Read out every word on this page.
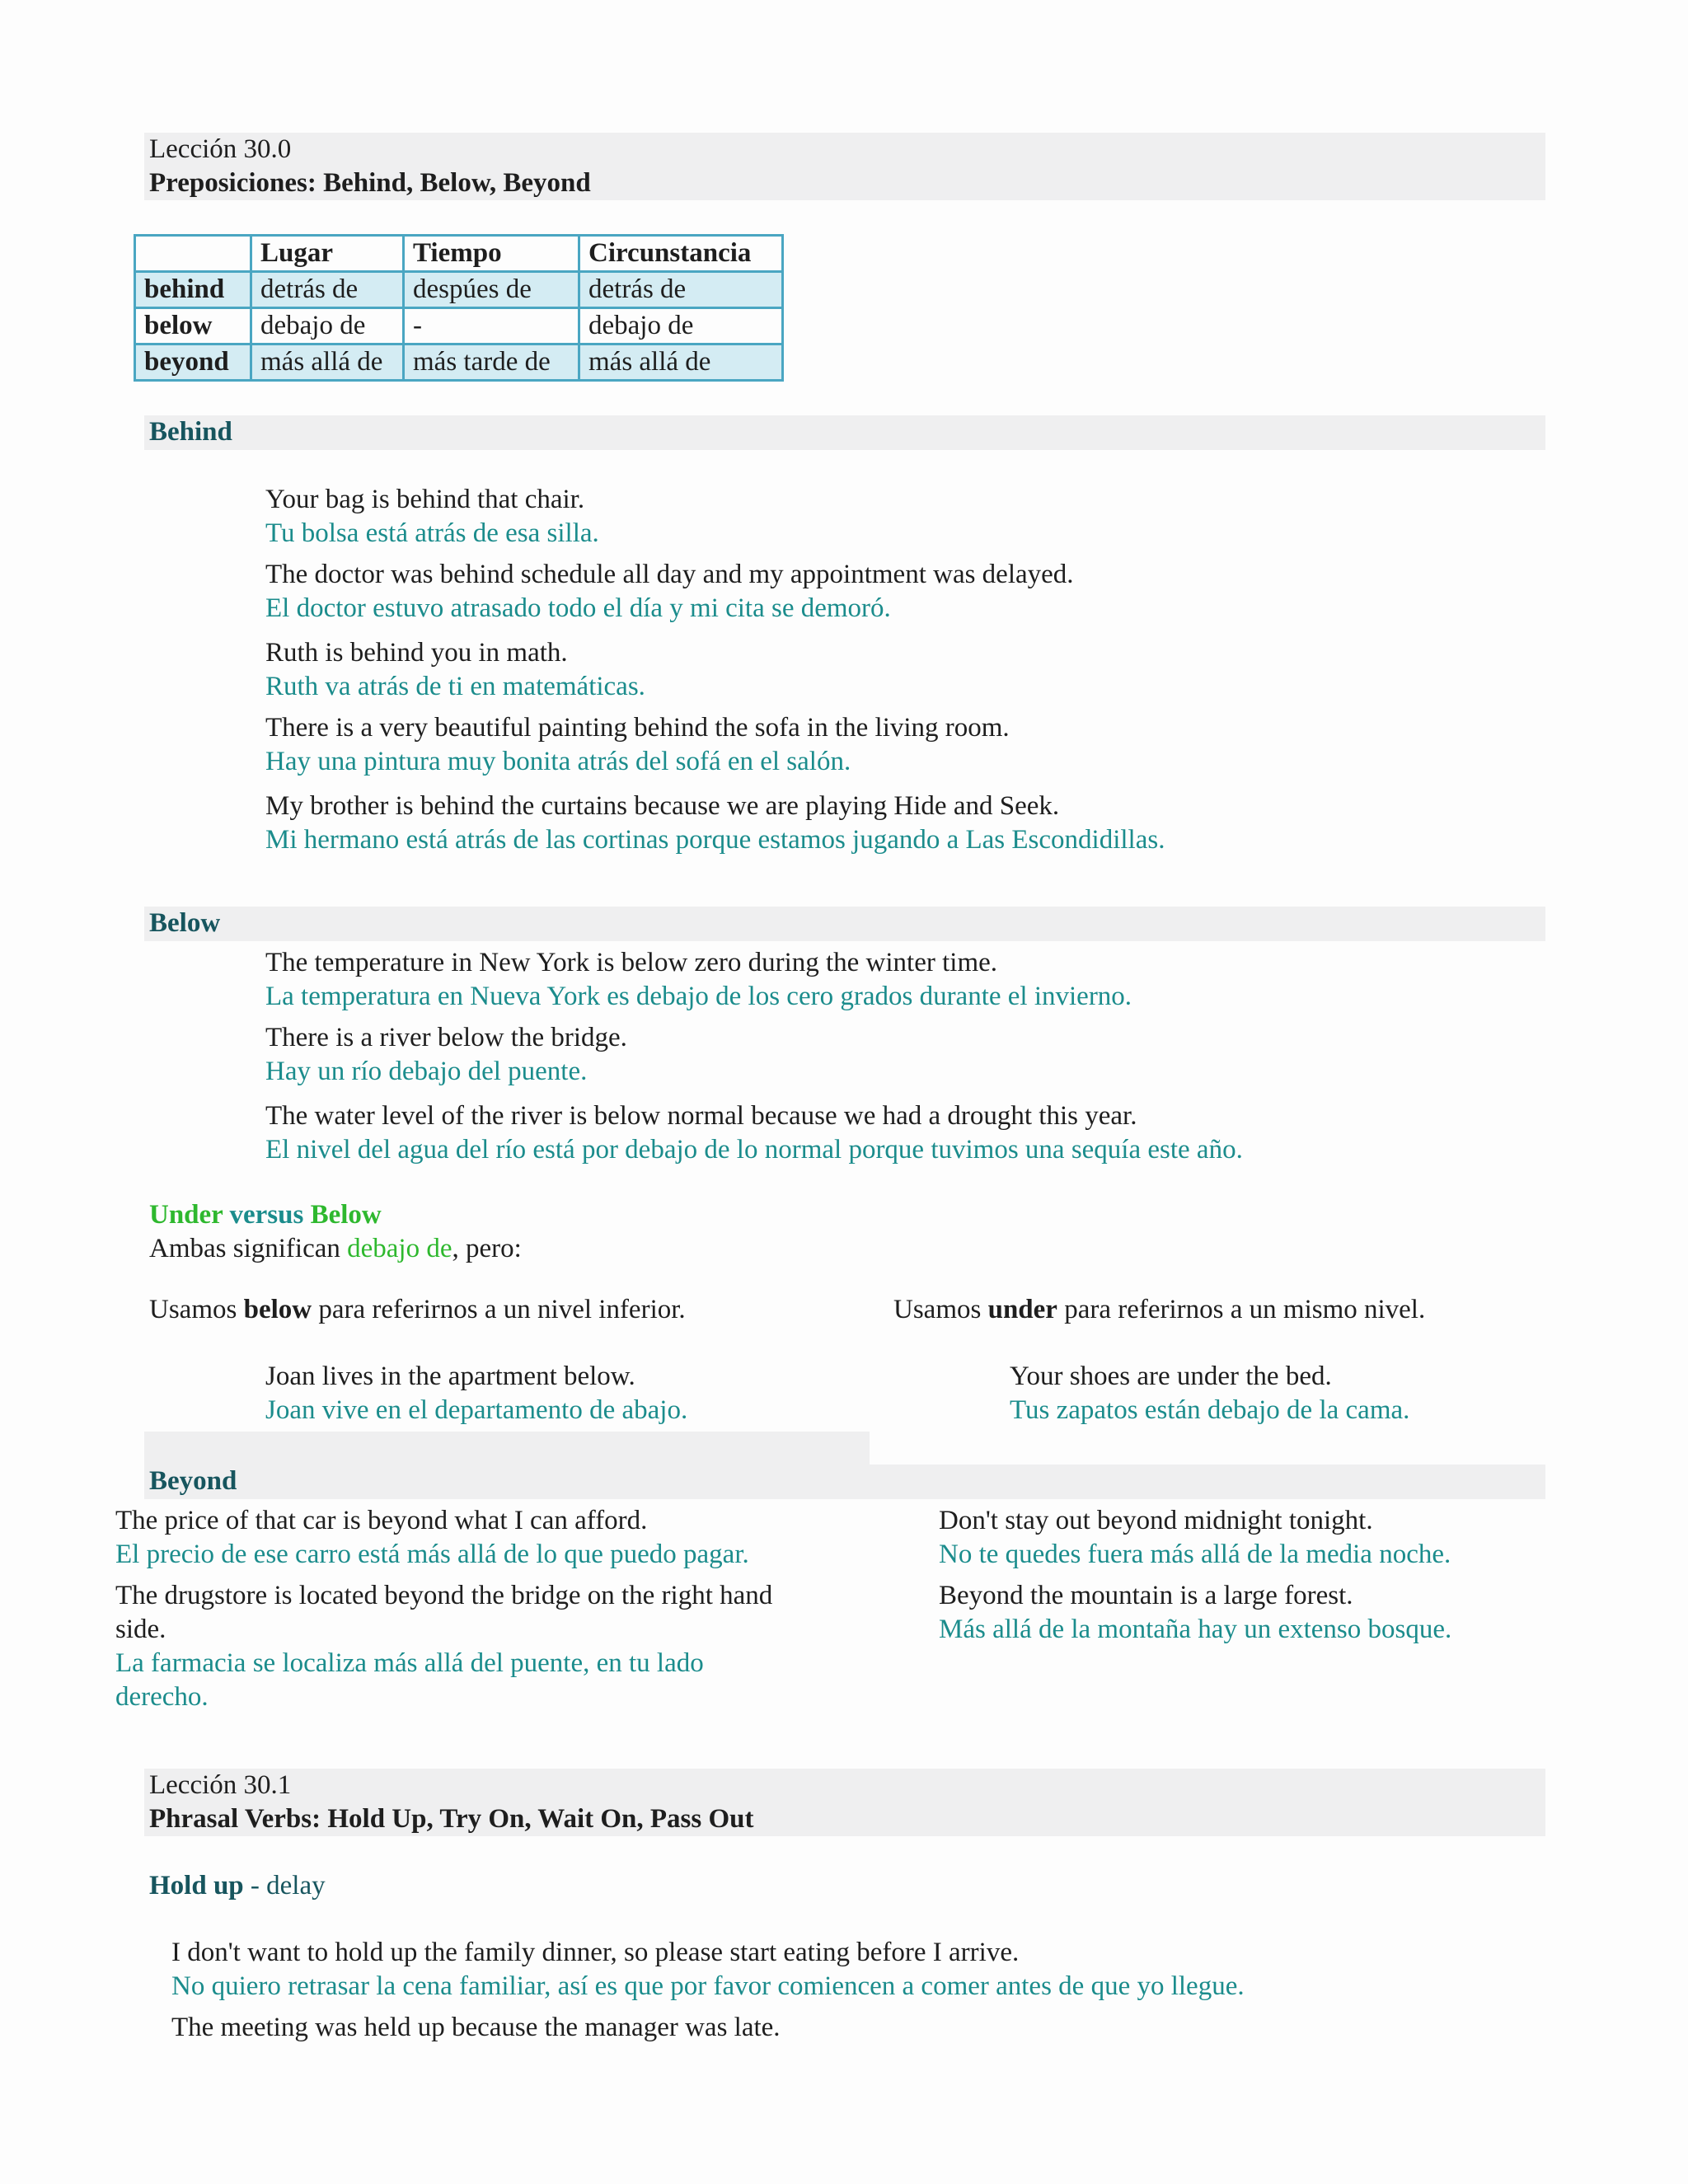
Lección 30.0
Preposiciones: Behind, Below, Beyond
	Lugar	Tiempo	Circunstancia
behind	detrás de	despúes de	detrás de
below	debajo de	-	debajo de
beyond	más allá de	más tarde de	más allá de
Behind

Your bag is behind that chair.

Tu bolsa está atrás de esa silla.

The doctor was behind schedule all day and my appointment was delayed.

El doctor estuvo atrasado todo el día y mi cita se demoró.

Ruth is behind you in math.

Ruth va atrás de ti en matemáticas.

There is a very beautiful painting behind the sofa in the living room.

Hay una pintura muy bonita atrás del sofá en el salón.

My brother is behind the curtains because we are playing Hide and Seek.

Mi hermano está atrás de las cortinas porque estamos jugando a Las Escondidillas.

Below

The temperature in New York is below zero during the winter time.

La temperatura en Nueva York es debajo de los cero grados durante el invierno.

There is a river below the bridge.

Hay un río debajo del puente.

The water level of the river is below normal because we had a drought this year.

El nivel del agua del río está por debajo de lo normal porque tuvimos una sequía este año.

Under versus Below
Ambas significan debajo de, pero:
Usamos below para referirnos a un nivel inferior.

Joan lives in the apartment below.

Joan vive en el departamento de abajo.

Usamos under para referirnos a un mismo nivel.

Your shoes are under the bed.

Tus zapatos están debajo de la cama.

Beyond

The price of that car is beyond what I can afford.

El precio de ese carro está más allá de lo que puedo pagar.

The drugstore is located beyond the bridge on the right hand side.

La farmacia se localiza más allá del puente, en tu lado derecho.

Don't stay out beyond midnight tonight.

No te quedes fuera más allá de la media noche.

Beyond the mountain is a large forest.

Más allá de la montaña hay un extenso bosque.

Lección 30.1
Phrasal Verbs: Hold Up, Try On, Wait On, Pass Out
Hold up - delay

I don't want to hold up the family dinner, so please start eating before I arrive.

No quiero retrasar la cena familiar, así es que por favor comiencen a comer antes de que yo llegue.

The meeting was held up because the manager was late.
